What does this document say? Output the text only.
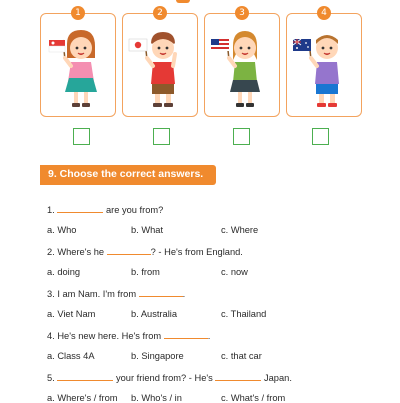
1	2	3	4
9. Choose the correct answers.
1.	are you from?
a. Who	b. What	c. Where
2. Where's he	? - He's from England.
a. doing	b. from	c. now
3. I am Nam. I'm from	.
a. Viet Nam	b. Australia	c. Thailand
4. He's new here. He's from	.
a. Class 4A	b. Singapore	c. that car
5.	your friend from? - He's	Japan.
a. Where's / from b. Who's / in	c. What's / from
